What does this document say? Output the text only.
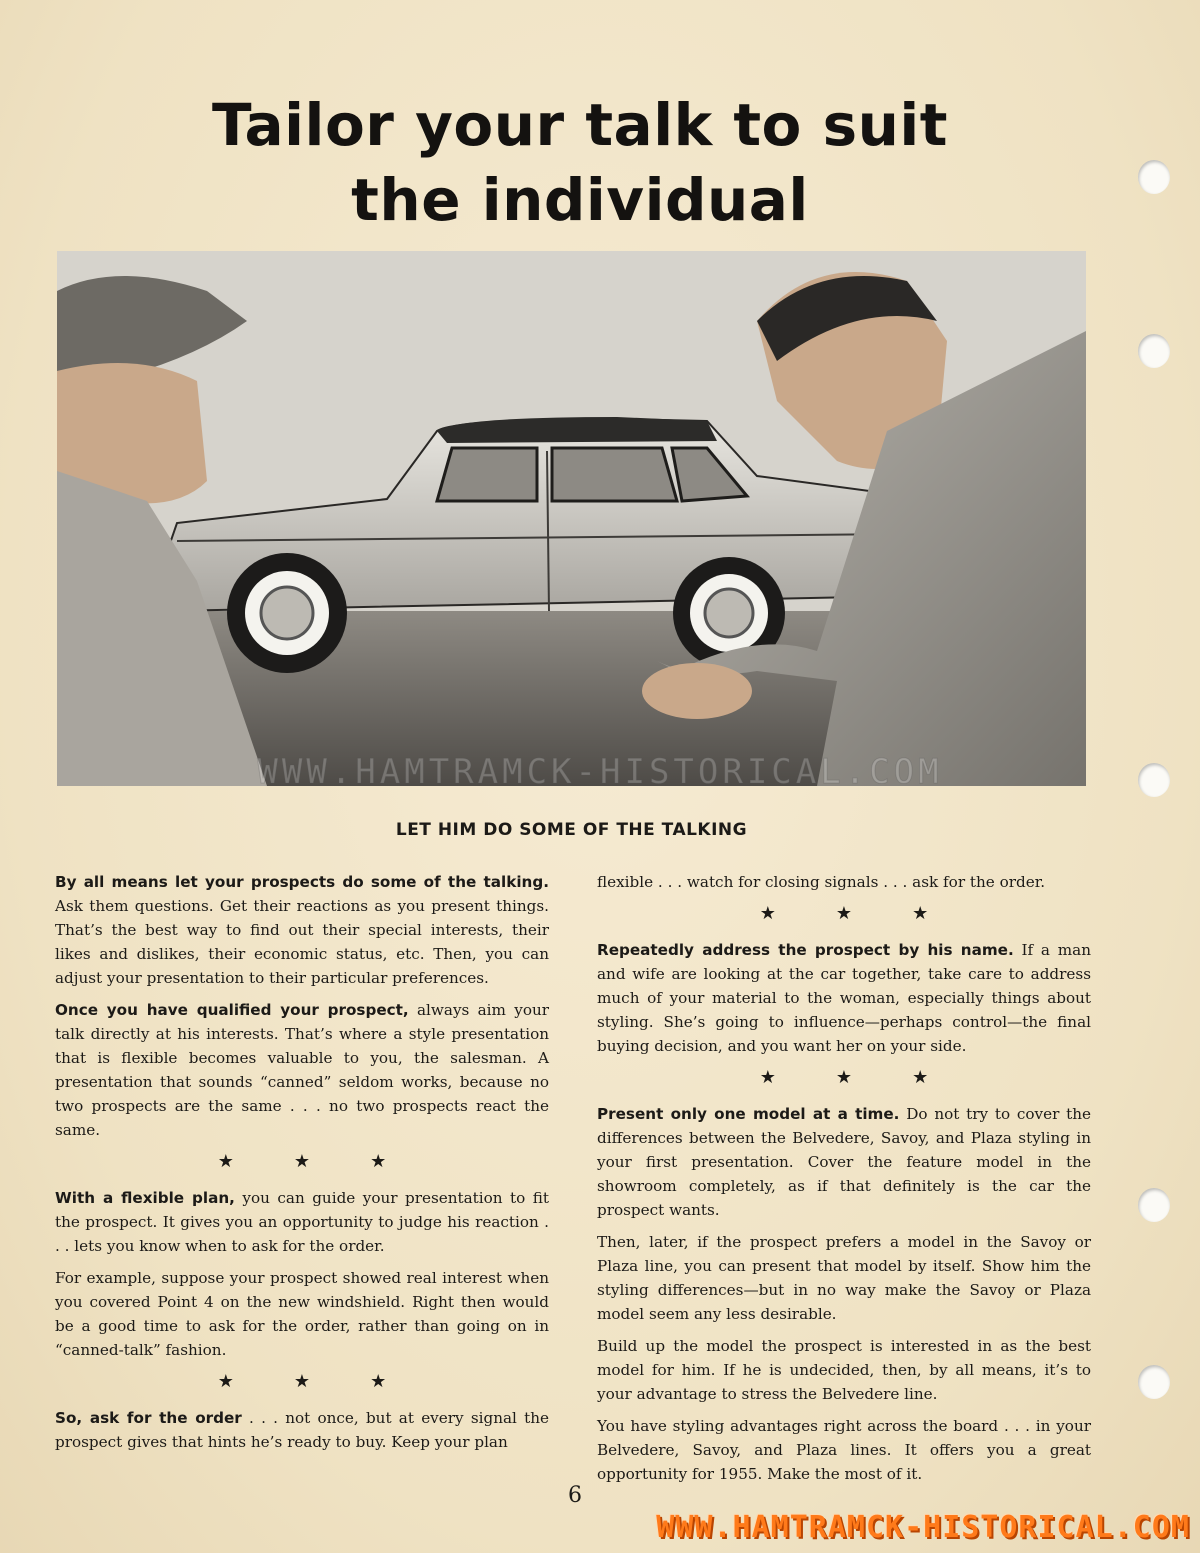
Tailor your talk to suit
the individual
WWW.HAMTRAMCK-HISTORICAL.COM
LET HIM DO SOME OF THE TALKING

By all means let your prospects do some of the talking. Ask them questions. Get their reactions as you present things. That’s the best way to find out their special interests, their likes and dislikes, their economic status, etc. Then, you can adjust your presentation to their particular preferences.

Once you have qualified your prospect, always aim your talk directly at his interests. That’s where a style presentation that is flexible becomes valuable to you, the salesman. A presentation that sounds “canned” seldom works, because no two prospects are the same . . . no two prospects react the same.

★	★	★

With a flexible plan, you can guide your presentation to fit the prospect. It gives you an opportunity to judge his reaction . . . lets you know when to ask for the order.

For example, suppose your prospect showed real interest when you covered Point 4 on the new windshield. Right then would be a good time to ask for the order, rather than going on in “canned-talk” fashion.

★	★	★

So, ask for the order . . . not once, but at every signal the prospect gives that hints he’s ready to buy. Keep your plan

flexible . . . watch for closing signals . . . ask for the order.

★	★	★

Repeatedly address the prospect by his name. If a man and wife are looking at the car together, take care to address much of your material to the woman, especially things about styling. She’s going to influence—perhaps control—the final buying decision, and you want her on your side.

★	★	★

Present only one model at a time. Do not try to cover the differences between the Belvedere, Savoy, and Plaza styling in your first presentation. Cover the feature model in the showroom completely, as if that definitely is the car the prospect wants.

Then, later, if the prospect prefers a model in the Savoy or Plaza line, you can present that model by itself. Show him the styling differences—but in no way make the Savoy or Plaza model seem any less desirable.

Build up the model the prospect is interested in as the best model for him. If he is undecided, then, by all means, it’s to your advantage to stress the Belvedere line.

You have styling advantages right across the board . . . in your Belvedere, Savoy, and Plaza lines. It offers you a great opportunity for 1955. Make the most of it.

6
WWW.HAMTRAMCK-HISTORICAL.COM
